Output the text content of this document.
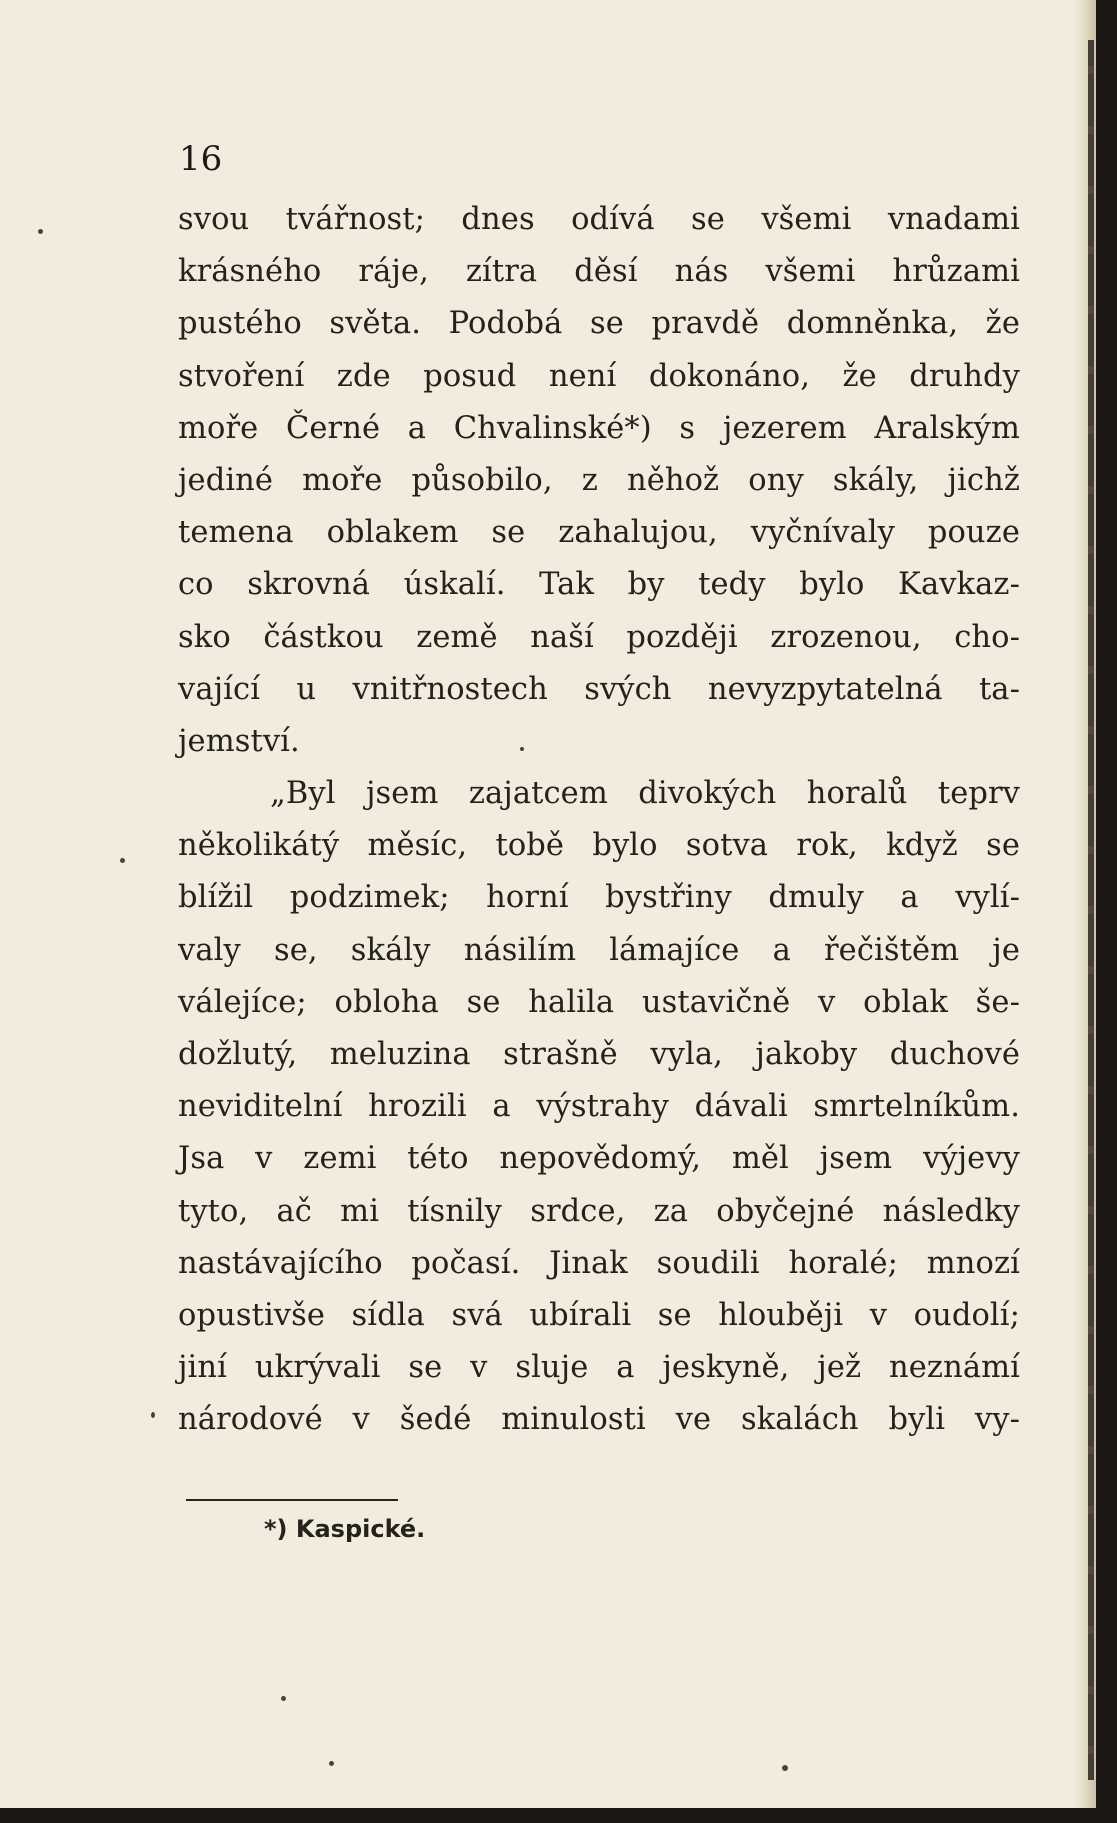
16
svou tvářnost; dnes odívá se všemi vnadami
krásného ráje, zítra děsí nás všemi hrůzami
pustého světa. Podobá se pravdě domněnka, že
stvoření zde posud není dokonáno, že druhdy
moře Černé a Chvalinské*) s jezerem Aralským
jediné moře působilo, z něhož ony skály, jichž
temena oblakem se zahalujou, vyčnívaly pouze
co skrovná úskalí. Tak by tedy bylo Kavkaz-
sko částkou země naší později zrozenou, cho-
vající u vnitřnostech svých nevyzpytatelná ta-
jemství.
„Byl jsem zajatcem divokých horalů teprv
několikátý měsíc, tobě bylo sotva rok, když se
blížil podzimek; horní bystřiny dmuly a vylí-
valy se, skály násilím lámajíce a řečištěm je
válejíce; obloha se halila ustavičně v oblak še-
dožlutý, meluzina strašně vyla, jakoby duchové
neviditelní hrozili a výstrahy dávali smrtelníkům.
Jsa v zemi této nepovědomý, měl jsem výjevy
tyto, ač mi tísnily srdce, za obyčejné následky
nastávajícího počasí. Jinak soudili horalé; mnozí
opustivše sídla svá ubírali se hlouběji v oudolí;
jiní ukrývali se v sluje a jeskyně, jež neznámí
národové v šedé minulosti ve skalách byli vy-
*) Kaspické.
